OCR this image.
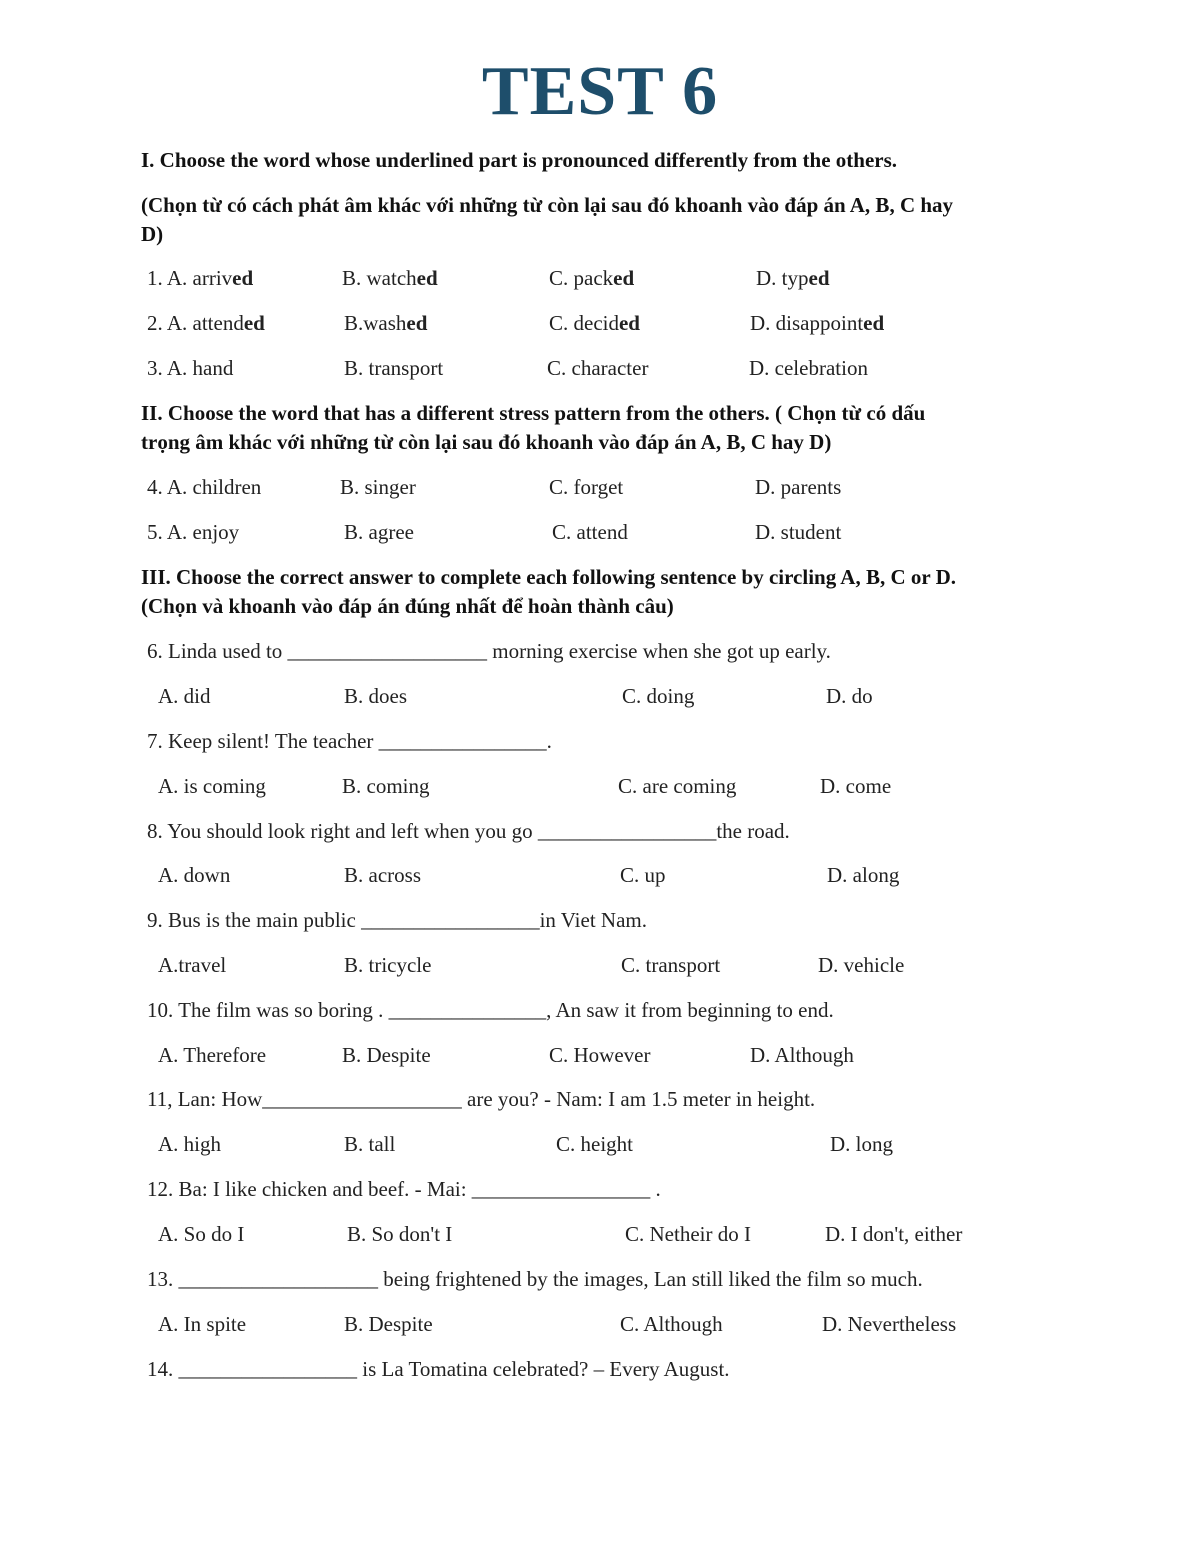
TEST 6
I. Choose the word whose underlined part is pronounced differently from the others.
(Chọn từ có cách phát âm khác với những từ còn lại sau đó khoanh vào đáp án A, B, C hay
D)
1. A. arrived	B. watched	C. packed	D. typed
2. A. attended	B.washed	C. decided	D. disappointed
3. A. hand	B. transport	C. character	D. celebration
II. Choose the word that has a different stress pattern from the others. ( Chọn từ có dấu
trọng âm khác với những từ còn lại sau đó khoanh vào đáp án A, B, C hay D)
4. A. children	B. singer	C. forget	D. parents
5. A. enjoy	B. agree	C. attend	D. student
III. Choose the correct answer to complete each following sentence by circling A, B, C or D.
(Chọn và khoanh vào đáp án đúng nhất để hoàn thành câu)
6. Linda used to ___________________ morning exercise when she got up early.
A. did	B. does	C. doing	D. do
7. Keep silent! The teacher ________________.
A. is coming	B. coming	C. are coming	D. come
8. You should look right and left when you go _________________the road.
A. down	B. across	C. up	D. along
9. Bus is the main public _________________in Viet Nam.
A.travel	B. tricycle	C. transport	D. vehicle
10. The film was so boring . _______________, An saw it from beginning to end.
A. Therefore	B. Despite	C. However	D. Although
11, Lan: How___________________ are you? - Nam: I am 1.5 meter in height.
A. high	B. tall	C. height	D. long
12. Ba: I like chicken and beef. - Mai: _________________ .
A. So do I	B. So don't I	C. Netheir do I	D. I don't, either
13. ___________________ being frightened by the images, Lan still liked the film so much.
A. In spite	B. Despite	C. Although	D. Nevertheless
14. _________________ is La Tomatina celebrated? – Every August.
